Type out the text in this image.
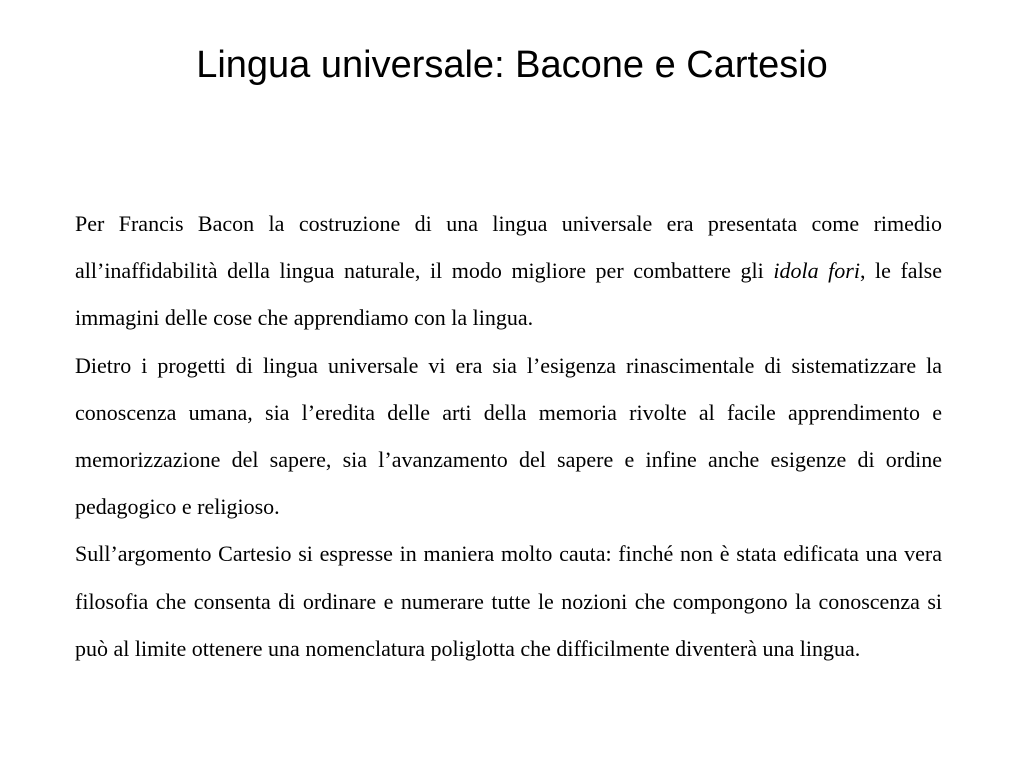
Lingua universale: Bacone e Cartesio

Per Francis Bacon la costruzione di una lingua universale era presentata come rimedio all’inaffidabilità della lingua naturale, il modo migliore per combattere gli idola fori, le false immagini delle cose che apprendiamo con la lingua.

Dietro i progetti di lingua universale vi era sia l’esigenza rinascimentale di sistematizzare la conoscenza umana, sia l’eredita delle arti della memoria rivolte al facile apprendimento e memorizzazione del sapere, sia l’avanzamento del sapere e infine anche esigenze di ordine pedagogico e religioso.

Sull’argomento Cartesio si espresse in maniera molto cauta: finché non è stata edificata una vera filosofia che consenta di ordinare e numerare tutte le nozioni che compongono la conoscenza si può al limite ottenere una nomenclatura poliglotta che difficilmente diventerà una lingua.
